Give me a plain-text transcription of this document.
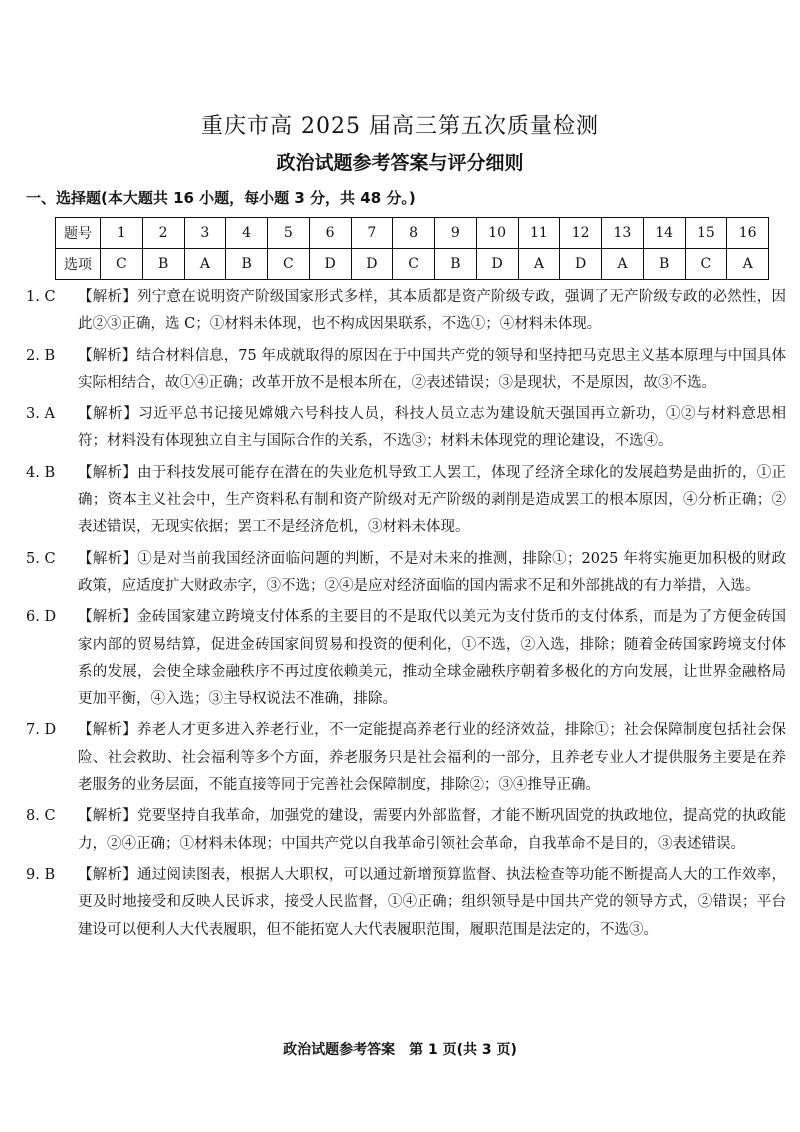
重庆市高 2025 届高三第五次质量检测
政治试题参考答案与评分细则
一、选择题(本大题共 16 小题，每小题 3 分，共 48 分。)
题号	1	2	3	4	5	6	7	8	9	10	11	12	13	14	15	16
选项	C	B	A	B	C	D	D	C	B	D	A	D	A	B	C	A
1. C	【解析】列宁意在说明资产阶级国家形式多样，其本质都是资产阶级专政，强调了无产阶级专政的必然性，因此②③正确，选 C；①材料未体现，也不构成因果联系，不选①；④材料未体现。
2. B	【解析】结合材料信息，75 年成就取得的原因在于中国共产党的领导和坚持把马克思主义基本原理与中国具体实际相结合，故①④正确；改革开放不是根本所在，②表述错误；③是现状，不是原因，故③不选。
3. A	【解析】习近平总书记接见嫦娥六号科技人员，科技人员立志为建设航天强国再立新功，①②与材料意思相符；材料没有体现独立自主与国际合作的关系，不选③；材料未体现党的理论建设，不选④。
4. B	【解析】由于科技发展可能存在潜在的失业危机导致工人罢工，体现了经济全球化的发展趋势是曲折的，①正确；资本主义社会中，生产资料私有制和资产阶级对无产阶级的剥削是造成罢工的根本原因，④分析正确；②表述错误，无现实依据；罢工不是经济危机，③材料未体现。
5. C	【解析】①是对当前我国经济面临问题的判断，不是对未来的推测，排除①；2025 年将实施更加积极的财政政策，应适度扩大财政赤字，③不选；②④是应对经济面临的国内需求不足和外部挑战的有力举措，入选。
6. D	【解析】金砖国家建立跨境支付体系的主要目的不是取代以美元为支付货币的支付体系，而是为了方便金砖国家内部的贸易结算，促进金砖国家间贸易和投资的便利化，①不选，②入选，排除；随着金砖国家跨境支付体系的发展，会使全球金融秩序不再过度依赖美元，推动全球金融秩序朝着多极化的方向发展，让世界金融格局更加平衡，④入选；③主导权说法不准确，排除。
7. D	【解析】养老人才更多进入养老行业，不一定能提高养老行业的经济效益，排除①；社会保障制度包括社会保险、社会救助、社会福利等多个方面，养老服务只是社会福利的一部分，且养老专业人才提供服务主要是在养老服务的业务层面，不能直接等同于完善社会保障制度，排除②；③④推导正确。
8. C	【解析】党要坚持自我革命，加强党的建设，需要内外部监督，才能不断巩固党的执政地位，提高党的执政能力，②④正确；①材料未体现；中国共产党以自我革命引领社会革命，自我革命不是目的，③表述错误。
9. B	【解析】通过阅读图表，根据人大职权，可以通过新增预算监督、执法检查等功能不断提高人大的工作效率，更及时地接受和反映人民诉求，接受人民监督，①④正确；组织领导是中国共产党的领导方式，②错误；平台建设可以便利人大代表履职，但不能拓宽人大代表履职范围，履职范围是法定的，不选③。
政治试题参考答案　第 1 页(共 3 页)
